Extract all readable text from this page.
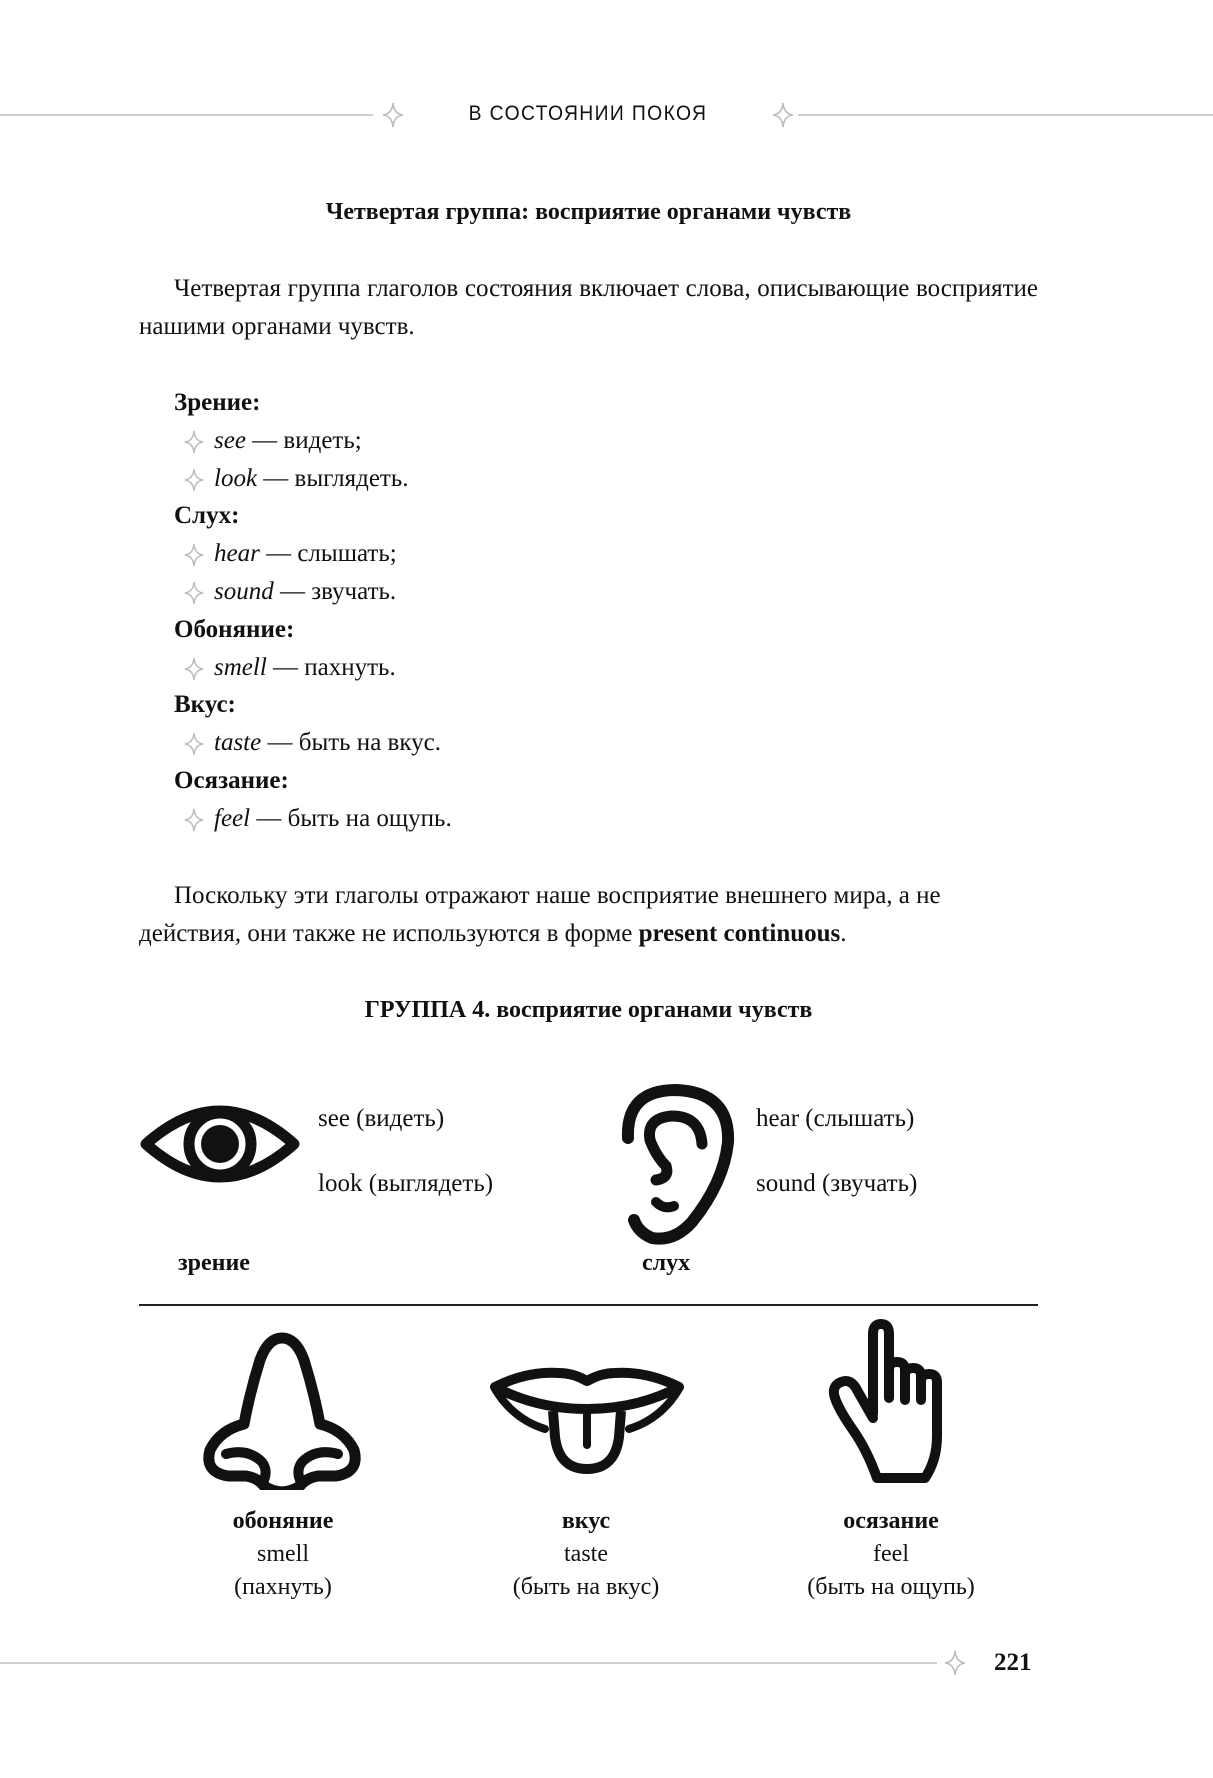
В СОСТОЯНИИ ПОКОЯ
Четвертая группа: восприятие органами чувств
Четвертая группа глаголов состояния включает слова, описывающие восприятие нашими органами чувств.
Зрение:
see — видеть;
look — выглядеть.
Слух:
hear — слышать;
sound — звучать.
Обоняние:
smell — пахнуть.
Вкус:
taste — быть на вкус.
Осязание:
feel — быть на ощупь.
Поскольку эти глаголы отражают наше восприятие внешнего мира, а не действия, они также не используются в форме present continuous.
ГРУППА 4. восприятие органами чувств
see (видеть)
look (выглядеть)
зрение
hear (слышать)
sound (звучать)
слух
обоняние
smell
(пахнуть)
вкус
taste
(быть на вкус)
осязание
feel
(быть на ощупь)
221
